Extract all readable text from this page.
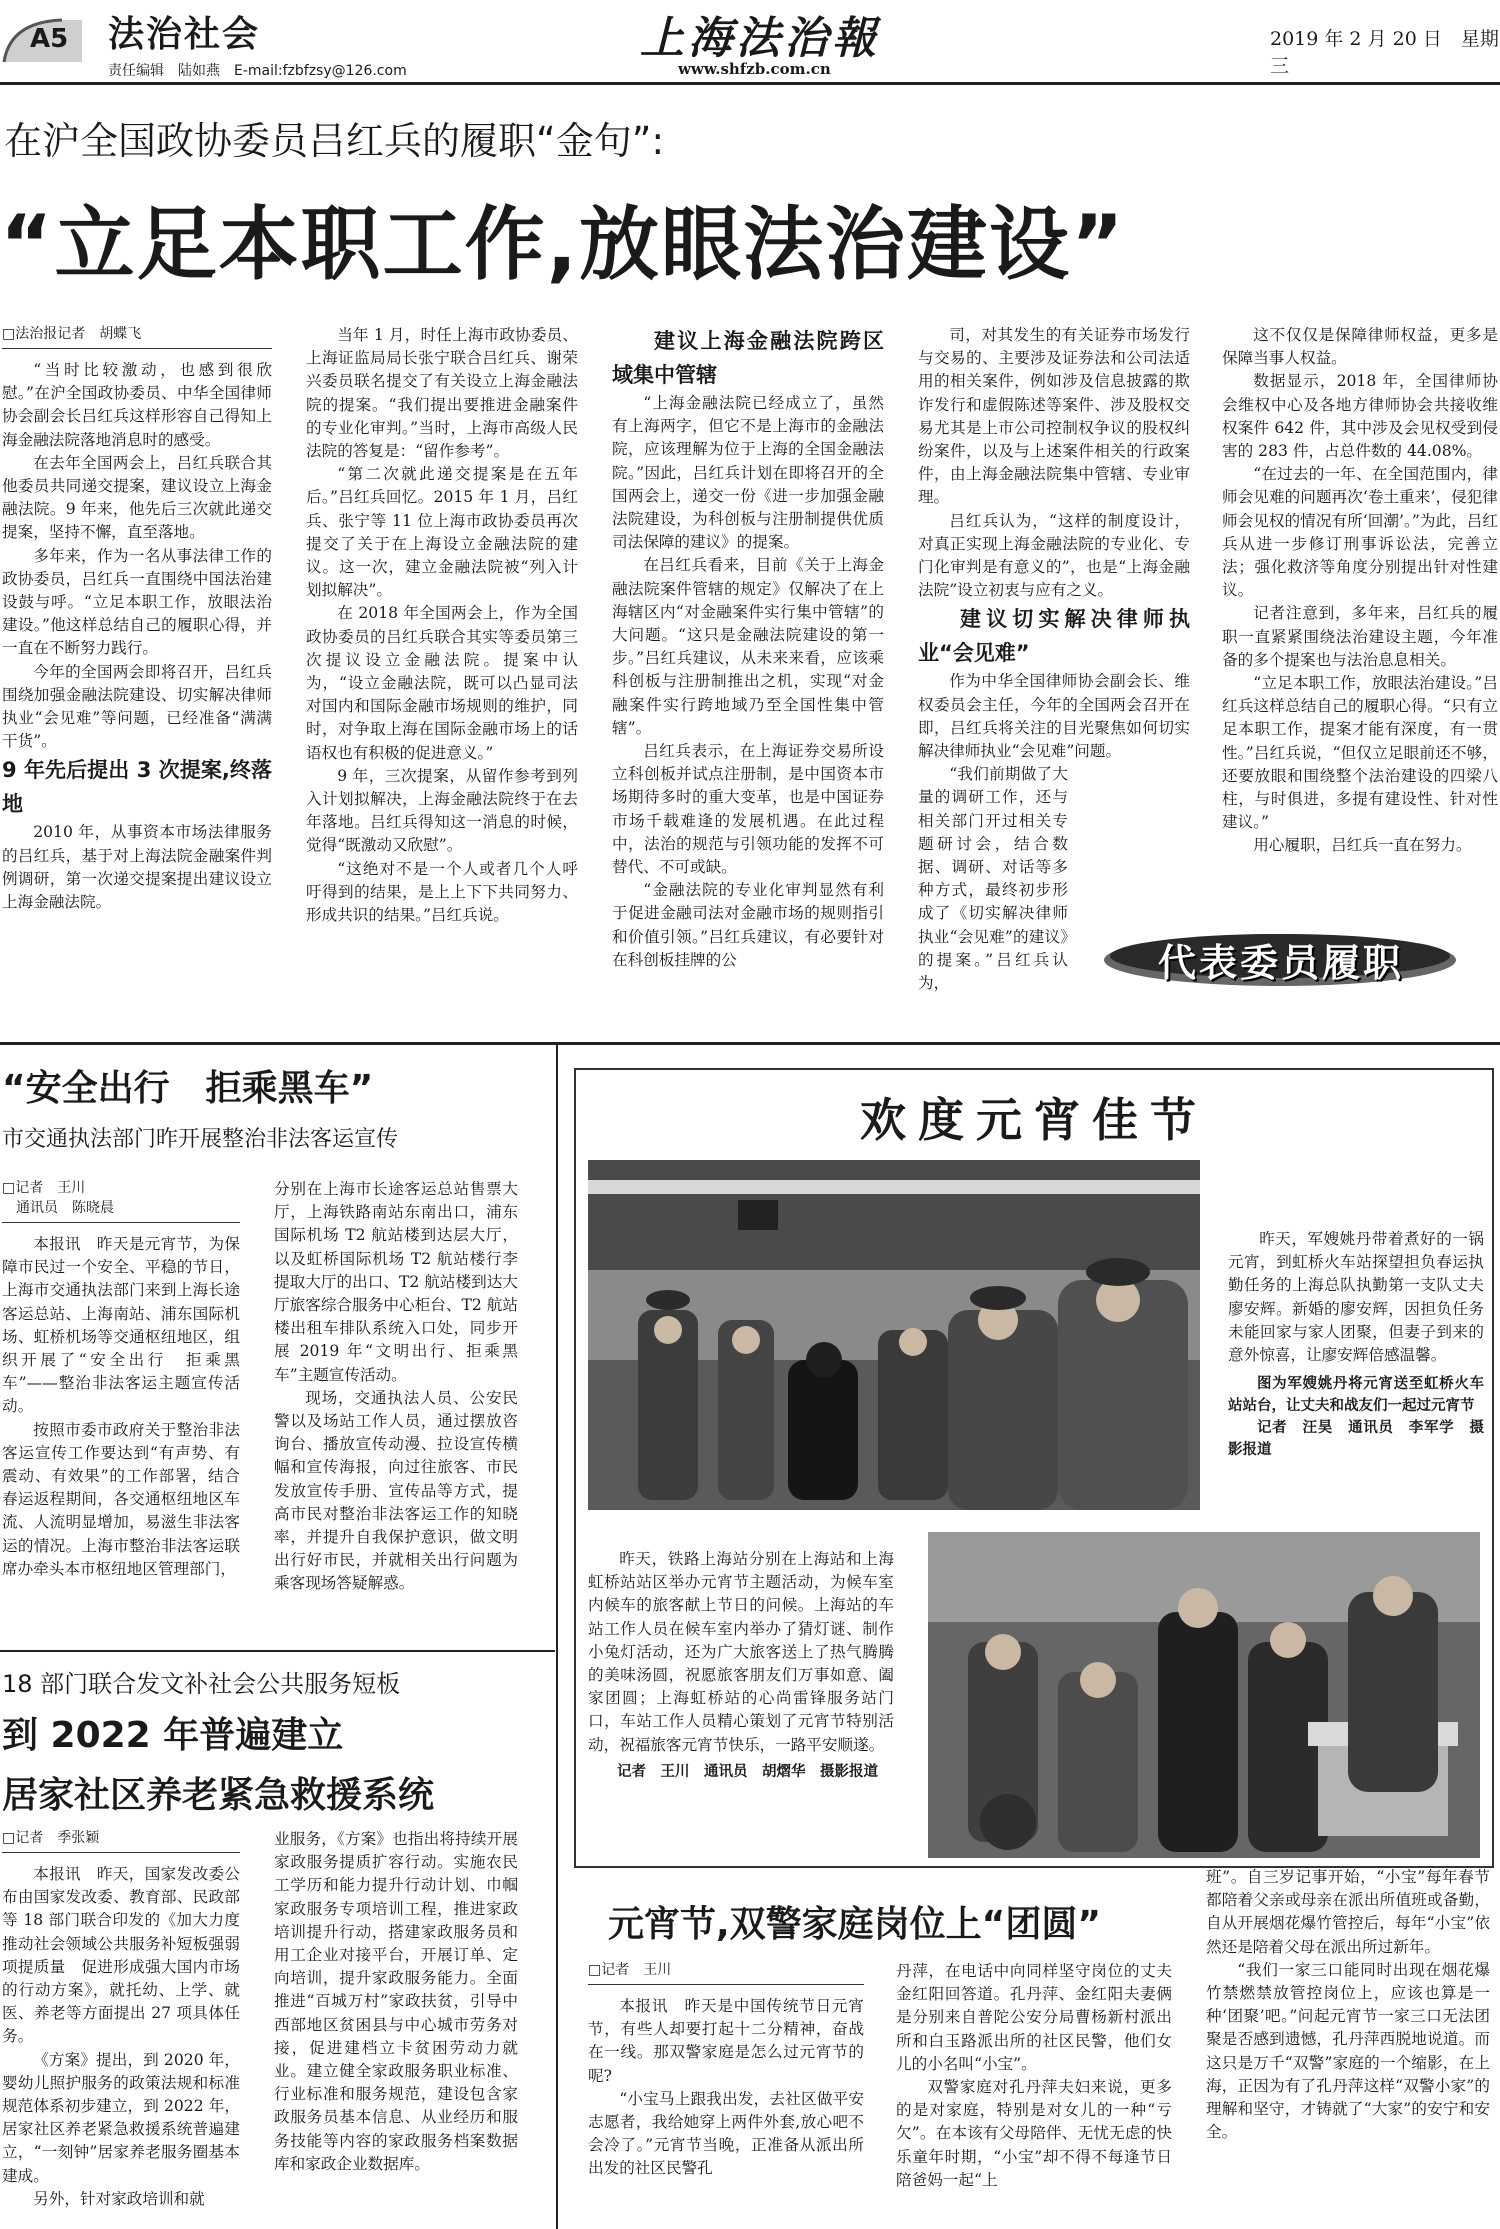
A5 法治社会
责任编辑　陆如燕　E-mail:fzbfzsy@126.com
上海法治報
www.shfzb.com.cn
2019 年 2 月 20 日　星期三
在沪全国政协委员吕红兵的履职“金句”:
“立足本职工作,放眼法治建设”
□法治报记者　胡蝶飞

“当时比较激动，也感到很欣慰。”在沪全国政协委员、中华全国律师协会副会长吕红兵这样形容自己得知上海金融法院落地消息时的感受。

在去年全国两会上，吕红兵联合其他委员共同递交提案，建议设立上海金融法院。9 年来，他先后三次就此递交提案，坚持不懈，直至落地。

多年来，作为一名从事法律工作的政协委员，吕红兵一直围绕中国法治建设鼓与呼。“立足本职工作，放眼法治建设。”他这样总结自己的履职心得，并一直在不断努力践行。

今年的全国两会即将召开，吕红兵围绕加强金融法院建设、切实解决律师执业“会见难”等问题，已经准备“满满干货”。

9 年先后提出 3 次提案,终落地

2010 年，从事资本市场法律服务的吕红兵，基于对上海法院金融案件判例调研，第一次递交提案提出建议设立上海金融法院。

当年 1 月，时任上海市政协委员、上海证监局局长张宁联合吕红兵、谢荣兴委员联名提交了有关设立上海金融法院的提案。“我们提出要推进金融案件的专业化审判。”当时，上海市高级人民法院的答复是：“留作参考”。

“第二次就此递交提案是在五年后。”吕红兵回忆。2015 年 1 月，吕红兵、张宁等 11 位上海市政协委员再次提交了关于在上海设立金融法院的建议。这一次，建立金融法院被“列入计划拟解决”。

在 2018 年全国两会上，作为全国政协委员的吕红兵联合其实等委员第三次提议设立金融法院。提案中认为，“设立金融法院，既可以凸显司法对国内和国际金融市场规则的维护，同时，对争取上海在国际金融市场上的话语权也有积极的促进意义。”

9 年，三次提案，从留作参考到列入计划拟解决，上海金融法院终于在去年落地。吕红兵得知这一消息的时候，觉得“既激动又欣慰”。

“这绝对不是一个人或者几个人呼吁得到的结果，是上上下下共同努力、形成共识的结果。”吕红兵说。

建议上海金融法院跨区域集中管辖

“上海金融法院已经成立了，虽然有上海两字，但它不是上海市的金融法院，应该理解为位于上海的全国金融法院。”因此，吕红兵计划在即将召开的全国两会上，递交一份《进一步加强金融法院建设，为科创板与注册制提供优质司法保障的建议》的提案。

在吕红兵看来，目前《关于上海金融法院案件管辖的规定》仅解决了在上海辖区内“对金融案件实行集中管辖”的大问题。“这只是金融法院建设的第一步。”吕红兵建议，从未来来看，应该乘科创板与注册制推出之机，实现“对金融案件实行跨地域乃至全国性集中管辖”。

吕红兵表示，在上海证券交易所设立科创板并试点注册制，是中国资本市场期待多时的重大变革，也是中国证券市场千载难逢的发展机遇。在此过程中，法治的规范与引领功能的发挥不可替代、不可或缺。

“金融法院的专业化审判显然有利于促进金融司法对金融市场的规则指引和价值引领。”吕红兵建议，有必要针对在科创板挂牌的公

司，对其发生的有关证券市场发行与交易的、主要涉及证券法和公司法适用的相关案件，例如涉及信息披露的欺诈发行和虚假陈述等案件、涉及股权交易尤其是上市公司控制权争议的股权纠纷案件，以及与上述案件相关的行政案件，由上海金融法院集中管辖、专业审理。

吕红兵认为，“这样的制度设计，对真正实现上海金融法院的专业化、专门化审判是有意义的”，也是“上海金融法院”设立初衷与应有之义。

建议切实解决律师执业“会见难”

作为中华全国律师协会副会长、维权委员会主任，今年的全国两会召开在即，吕红兵将关注的目光聚焦如何切实解决律师执业“会见难”问题。

“我们前期做了大量的调研工作，还与相关部门开过相关专题研讨会，结合数据、调研、对话等多种方式，最终初步形成了《切实解决律师执业“会见难”的建议》的提案。”吕红兵认为，

这不仅仅是保障律师权益，更多是保障当事人权益。

数据显示，2018 年，全国律师协会维权中心及各地方律师协会共接收维权案件 642 件，其中涉及会见权受到侵害的 283 件，占总件数的 44.08%。

“在过去的一年、在全国范围内，律师会见难的问题再次‘卷土重来’，侵犯律师会见权的情况有所‘回潮’。”为此，吕红兵从进一步修订刑事诉讼法，完善立法；强化救济等角度分别提出针对性建议。

记者注意到，多年来，吕红兵的履职一直紧紧围绕法治建设主题，今年准备的多个提案也与法治息息相关。

“立足本职工作，放眼法治建设。”吕红兵这样总结自己的履职心得。“只有立足本职工作，提案才能有深度，有一贯性。”吕红兵说，“但仅立足眼前还不够，还要放眼和围绕整个法治建设的四梁八柱，与时俱进，多提有建设性、针对性建议。”

用心履职，吕红兵一直在努力。

代表委员履职
“安全出行　拒乘黑车”
市交通执法部门昨开展整治非法客运宣传
□记者　王川
　通讯员　陈晓晨

本报讯　昨天是元宵节，为保障市民过一个安全、平稳的节日，上海市交通执法部门来到上海长途客运总站、上海南站、浦东国际机场、虹桥机场等交通枢纽地区，组织开展了“安全出行　拒乘黑车”——整治非法客运主题宣传活动。

按照市委市政府关于整治非法客运宣传工作要达到“有声势、有震动、有效果”的工作部署，结合春运返程期间，各交通枢纽地区车流、人流明显增加，易滋生非法客运的情况。上海市整治非法客运联席办牵头本市枢纽地区管理部门，

分别在上海市长途客运总站售票大厅，上海铁路南站东南出口，浦东国际机场 T2 航站楼到达层大厅，以及虹桥国际机场 T2 航站楼行李提取大厅的出口、T2 航站楼到达大厅旅客综合服务中心柜台、T2 航站楼出租车排队系统入口处，同步开展 2019 年“文明出行、拒乘黑车”主题宣传活动。

现场，交通执法人员、公安民警以及场站工作人员，通过摆放咨询台、播放宣传动漫、拉设宣传横幅和宣传海报，向过往旅客、市民发放宣传手册、宣传品等方式，提高市民对整治非法客运工作的知晓率，并提升自我保护意识，做文明出行好市民，并就相关出行问题为乘客现场答疑解惑。

18 部门联合发文补社会公共服务短板
到 2022 年普遍建立
居家社区养老紧急救援系统
□记者　季张颖

本报讯　昨天，国家发改委公布由国家发改委、教育部、民政部等 18 部门联合印发的《加大力度推动社会领域公共服务补短板强弱项提质量　促进形成强大国内市场的行动方案》，就托幼、上学、就医、养老等方面提出 27 项具体任务。

《方案》提出，到 2020 年，婴幼儿照护服务的政策法规和标准规范体系初步建立，到 2022 年，居家社区养老紧急救援系统普遍建立，“一刻钟”居家养老服务圈基本建成。

另外，针对家政培训和就

业服务，《方案》也指出将持续开展家政服务提质扩容行动。实施农民工学历和能力提升行动计划、巾帼家政服务专项培训工程，推进家政培训提升行动，搭建家政服务员和用工企业对接平台，开展订单、定向培训，提升家政服务能力。全面推进“百城万村”家政扶贫，引导中西部地区贫困县与中心城市劳务对接，促进建档立卡贫困劳动力就业。建立健全家政服务职业标准、行业标准和服务规范，建设包含家政服务员基本信息、从业经历和服务技能等内容的家政服务档案数据库和家政企业数据库。

欢度元宵佳节

昨天，军嫂姚丹带着煮好的一锅元宵，到虹桥火车站探望担负春运执勤任务的上海总队执勤第一支队丈夫廖安辉。新婚的廖安辉，因担负任务未能回家与家人团聚，但妻子到来的意外惊喜，让廖安辉倍感温馨。

图为军嫂姚丹将元宵送至虹桥火车站站台，让丈夫和战友们一起过元宵节
记者　汪昊　通讯员　李军学　摄影报道

昨天，铁路上海站分别在上海站和上海虹桥站站区举办元宵节主题活动，为候车室内候车的旅客献上节日的问候。上海站的车站工作人员在候车室内举办了猜灯谜、制作小兔灯活动，还为广大旅客送上了热气腾腾的美味汤圆，祝愿旅客朋友们万事如意、阖家团圆；上海虹桥站的心尚雷锋服务站门口，车站工作人员精心策划了元宵节特别活动，祝福旅客元宵节快乐，一路平安顺遂。

记者　王川　通讯员　胡熠华　摄影报道
元宵节,双警家庭岗位上“团圆”
□记者　王川

本报讯　昨天是中国传统节日元宵节，有些人却要打起十二分精神，奋战在一线。那双警家庭是怎么过元宵节的呢?

“小宝马上跟我出发，去社区做平安志愿者，我给她穿上两件外套,放心吧不会冷了。”元宵节当晚，正准备从派出所出发的社区民警孔

丹萍，在电话中向同样坚守岗位的丈夫金红阳回答道。孔丹萍、金红阳夫妻俩是分别来自普陀公安分局曹杨新村派出所和白玉路派出所的社区民警，他们女儿的小名叫“小宝”。

双警家庭对孔丹萍夫妇来说，更多的是对家庭，特别是对女儿的一种“亏欠”。在本该有父母陪伴、无忧无虑的快乐童年时期，“小宝”却不得不每逢节日陪爸妈一起“上

班”。自三岁记事开始，“小宝”每年春节都陪着父亲或母亲在派出所值班或备勤，自从开展烟花爆竹管控后，每年“小宝”依然还是陪着父母在派出所过新年。

“我们一家三口能同时出现在烟花爆竹禁燃禁放管控岗位上，应该也算是一种‘团聚’吧。”问起元宵节一家三口无法团聚是否感到遗憾，孔丹萍西脱地说道。而这只是万千“双警”家庭的一个缩影，在上海，正因为有了孔丹萍这样“双警小家”的理解和坚守，才铸就了“大家”的安宁和安全。
